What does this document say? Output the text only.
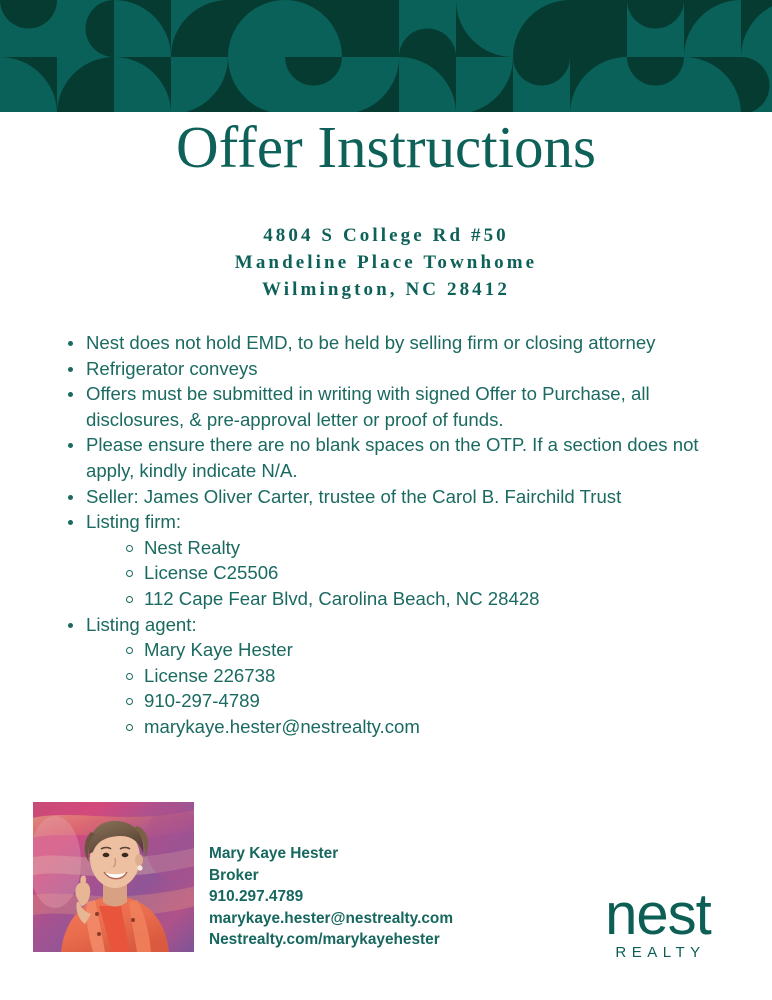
Offer Instructions
4804 S College Rd #50
Mandeline Place Townhome
Wilmington, NC 28412
Nest does not hold EMD, to be held by selling firm or closing attorney
Refrigerator conveys
Offers must be submitted in writing with signed Offer to Purchase, all disclosures, & pre-approval letter or proof of funds.
Please ensure there are no blank spaces on the OTP. If a section does not apply, kindly indicate N/A.
Seller: James Oliver Carter, trustee of the Carol B. Fairchild Trust
Listing firm:
Nest Realty
License C25506
112 Cape Fear Blvd, Carolina Beach, NC 28428
Listing agent:
Mary Kaye Hester
License 226738
910-297-4789
marykaye.hester@nestrealty.com
Mary Kaye Hester
Broker
910.297.4789
marykaye.hester@nestrealty.com
Nestrealty.com/marykayehester	nest
REALTY
